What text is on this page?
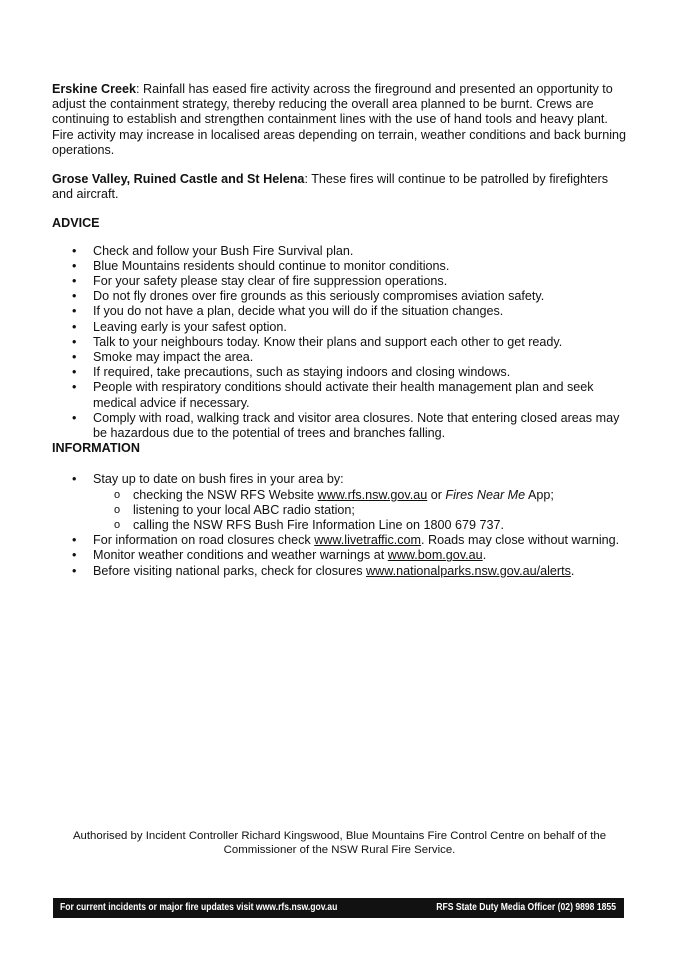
Erskine Creek: Rainfall has eased fire activity across the fireground and presented an opportunity to adjust the containment strategy, thereby reducing the overall area planned to be burnt. Crews are continuing to establish and strengthen containment lines with the use of hand tools and heavy plant. Fire activity may increase in localised areas depending on terrain, weather conditions and back burning operations.

Grose Valley, Ruined Castle and St Helena: These fires will continue to be patrolled by firefighters and aircraft.

ADVICE

• Check and follow your Bush Fire Survival plan.
• Blue Mountains residents should continue to monitor conditions.
• For your safety please stay clear of fire suppression operations.
• Do not fly drones over fire grounds as this seriously compromises aviation safety.
• If you do not have a plan, decide what you will do if the situation changes.
• Leaving early is your safest option.
• Talk to your neighbours today. Know their plans and support each other to get ready.
• Smoke may impact the area.
• If required, take precautions, such as staying indoors and closing windows.
• People with respiratory conditions should activate their health management plan and seek medical advice if necessary.
• Comply with road, walking track and visitor area closures. Note that entering closed areas may be hazardous due to the potential of trees and branches falling.

INFORMATION

• Stay up to date on bush fires in your area by:
o checking the NSW RFS Website www.rfs.nsw.gov.au or Fires Near Me App;
o listening to your local ABC radio station;
o calling the NSW RFS Bush Fire Information Line on 1800 679 737.
• For information on road closures check www.livetraffic.com. Roads may close without warning.
• Monitor weather conditions and weather warnings at www.bom.gov.au.
• Before visiting national parks, check for closures www.nationalparks.nsw.gov.au/alerts.
Authorised by Incident Controller Richard Kingswood, Blue Mountains Fire Control Centre on behalf of the
Commissioner of the NSW Rural Fire Service.
For current incidents or major fire updates visit www.rfs.nsw.gov.au	RFS State Duty Media Officer (02) 9898 1855
